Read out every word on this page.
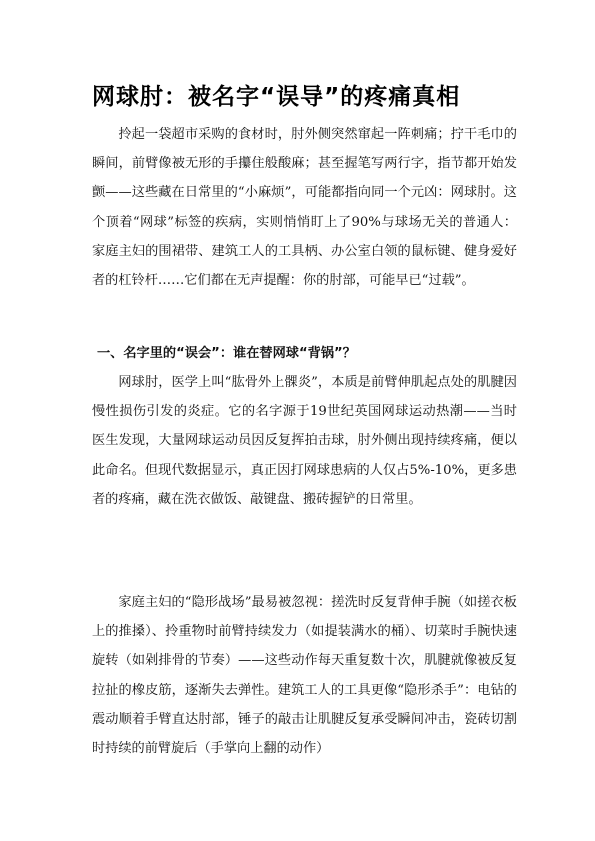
网球肘：被名字“误导”的疼痛真相

拎起一袋超市采购的食材时，肘外侧突然窜起一阵刺痛；拧干毛巾的瞬间，前臂像被无形的手攥住般酸麻；甚至握笔写两行字，指节都开始发颤——这些藏在日常里的“小麻烦”，可能都指向同一个元凶：网球肘。这个顶着“网球”标签的疾病，实则悄悄盯上了90%与球场无关的普通人：家庭主妇的围裙带、建筑工人的工具柄、办公室白领的鼠标键、健身爱好者的杠铃杆……它们都在无声提醒：你的肘部，可能早已“过载”。

一、名字里的“误会”：谁在替网球“背锅”？

网球肘，医学上叫“肱骨外上髁炎”，本质是前臂伸肌起点处的肌腱因慢性损伤引发的炎症。它的名字源于19世纪英国网球运动热潮——当时医生发现，大量网球运动员因反复挥拍击球，肘外侧出现持续疼痛，便以此命名。但现代数据显示，真正因打网球患病的人仅占5%-10%，更多患者的疼痛，藏在洗衣做饭、敲键盘、搬砖握铲的日常里。

家庭主妇的“隐形战场”最易被忽视：搓洗时反复背伸手腕（如搓衣板上的推搡）、拎重物时前臂持续发力（如提装满水的桶）、切菜时手腕快速旋转（如剁排骨的节奏）——这些动作每天重复数十次，肌腱就像被反复拉扯的橡皮筋，逐渐失去弹性。建筑工人的工具更像“隐形杀手”：电钻的震动顺着手臂直达肘部，锤子的敲击让肌腱反复承受瞬间冲击，瓷砖切割时持续的前臂旋后（手掌向上翻的动作）
